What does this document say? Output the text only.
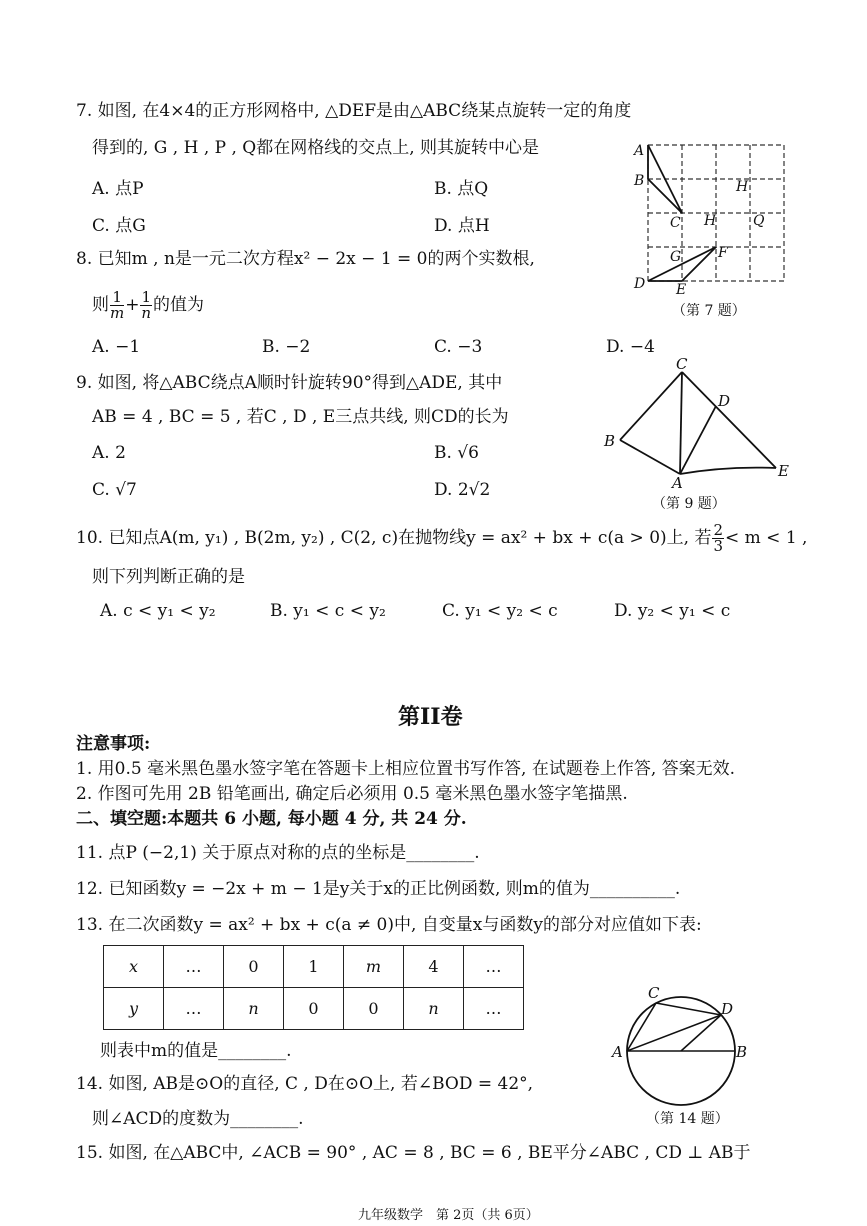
7. 如图, 在4×4的正方形网格中, △DEF是由△ABC绕某点旋转一定的角度
得到的, G , H , P , Q都在网格线的交点上, 则其旋转中心是
A. 点P	B. 点Q
C. 点G	D. 点H
A
B
C H	Q
G	F
D E
H
（第 7 题）
8. 已知m , n是一元二次方程x² − 2x − 1 = 0的两个实数根,
则 $\frac{1}{m} + \frac{1}{n}$ 的值为
A. −1	B. −2	C. −3	D. −4
9. 如图, 将△ABC绕点A顺时针旋转90°得到△ADE, 其中
AB = 4 , BC = 5 , 若C , D , E三点共线, 则CD的长为
A. 2	B. √6
C. √7	D. 2√2
C
D
B
A
E
（第 9 题）
10. 已知点A(m, y₁) , B(2m, y₂) , C(2, c)在抛物线y = ax² + bx + c(a > 0)上, 若 $\frac{2}{3} < m < 1$ ,
则下列判断正确的是
A. c < y₁ < y₂	B. y₁ < c < y₂	C. y₁ < y₂ < c	D. y₂ < y₁ < c
第II卷
注意事项:
1. 用0.5 毫米黑色墨水签字笔在答题卡上相应位置书写作答, 在试题卷上作答, 答案无效.
2. 作图可先用 2B 铅笔画出, 确定后必须用 0.5 毫米黑色墨水签字笔描黑.
二、填空题:本题共 6 小题, 每小题 4 分, 共 24 分.
11. 点P (−2,1) 关于原点对称的点的坐标是________.
12. 已知函数y = −2x + m − 1是y关于x的正比例函数, 则m的值为__________.
13. 在二次函数y = ax² + bx + c(a ≠ 0)中, 自变量x与函数y的部分对应值如下表:
x	…	0	1	m	4	…
y	…	n	0	0	n	…
则表中m的值是________.
14. 如图, AB是⊙O的直径, C , D在⊙O上, 若∠BOD = 42°,
则∠ACD的度数为________.
C
D
A	B
（第 14 题）
15. 如图, 在△ABC中, ∠ACB = 90° , AC = 8 , BC = 6 , BE平分∠ABC , CD ⊥ AB于
九年级数学　第 2页（共 6页）
